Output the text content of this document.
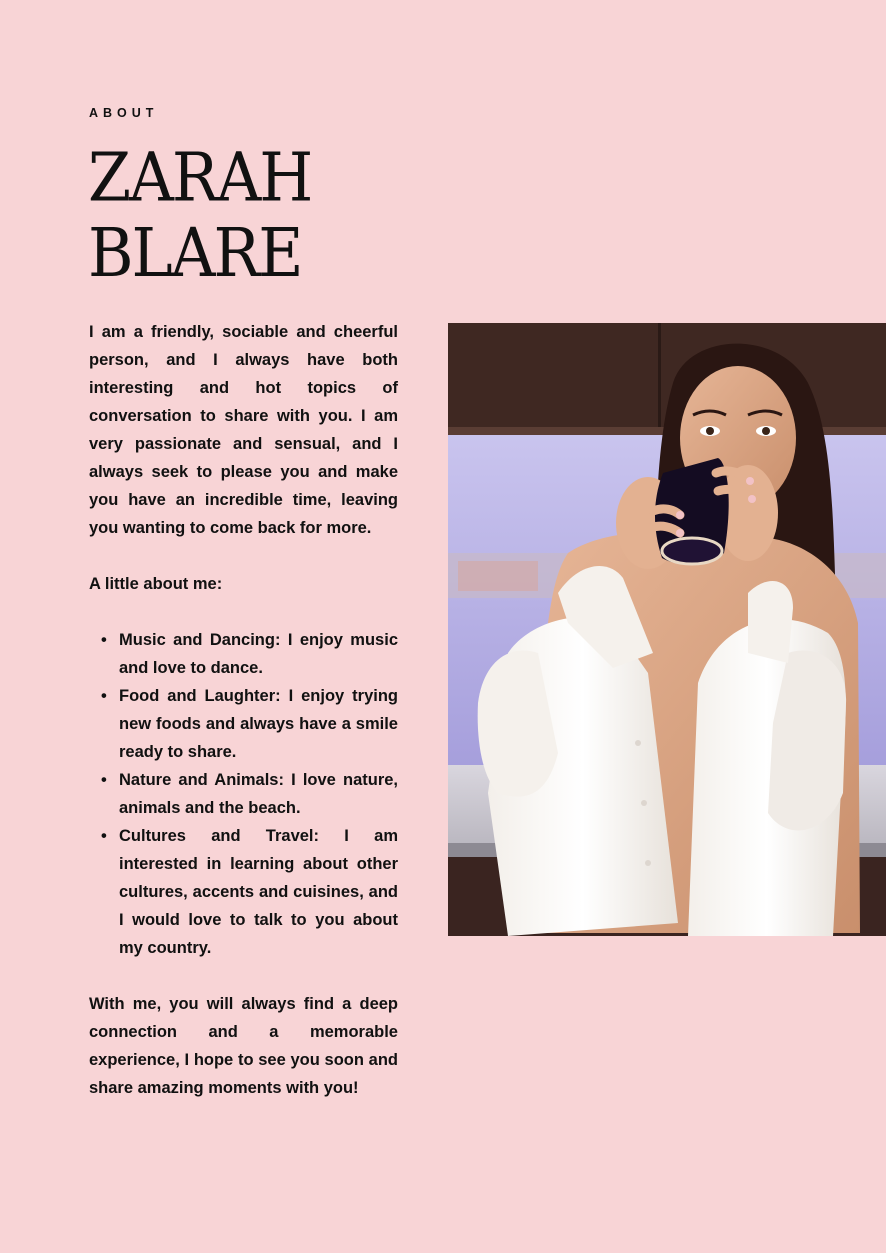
ABOUT
ZARAH
BLARE

I am a friendly, sociable and cheerful person, and I always have both interesting and hot topics of conversation to share with you. I am very passionate and sensual, and I always seek to please you and make you have an incredible time, leaving you wanting to come back for more.

A little about me:

• Music and Dancing: I enjoy music and love to dance.
• Food and Laughter: I enjoy trying new foods and always have a smile ready to share.
• Nature and Animals: I love nature, animals and the beach.
• Cultures and Travel: I am interested in learning about other cultures, accents and cuisines, and I would love to talk to you about my country.

With me, you will always find a deep connection and a memorable experience, I hope to see you soon and share amazing moments with you!
